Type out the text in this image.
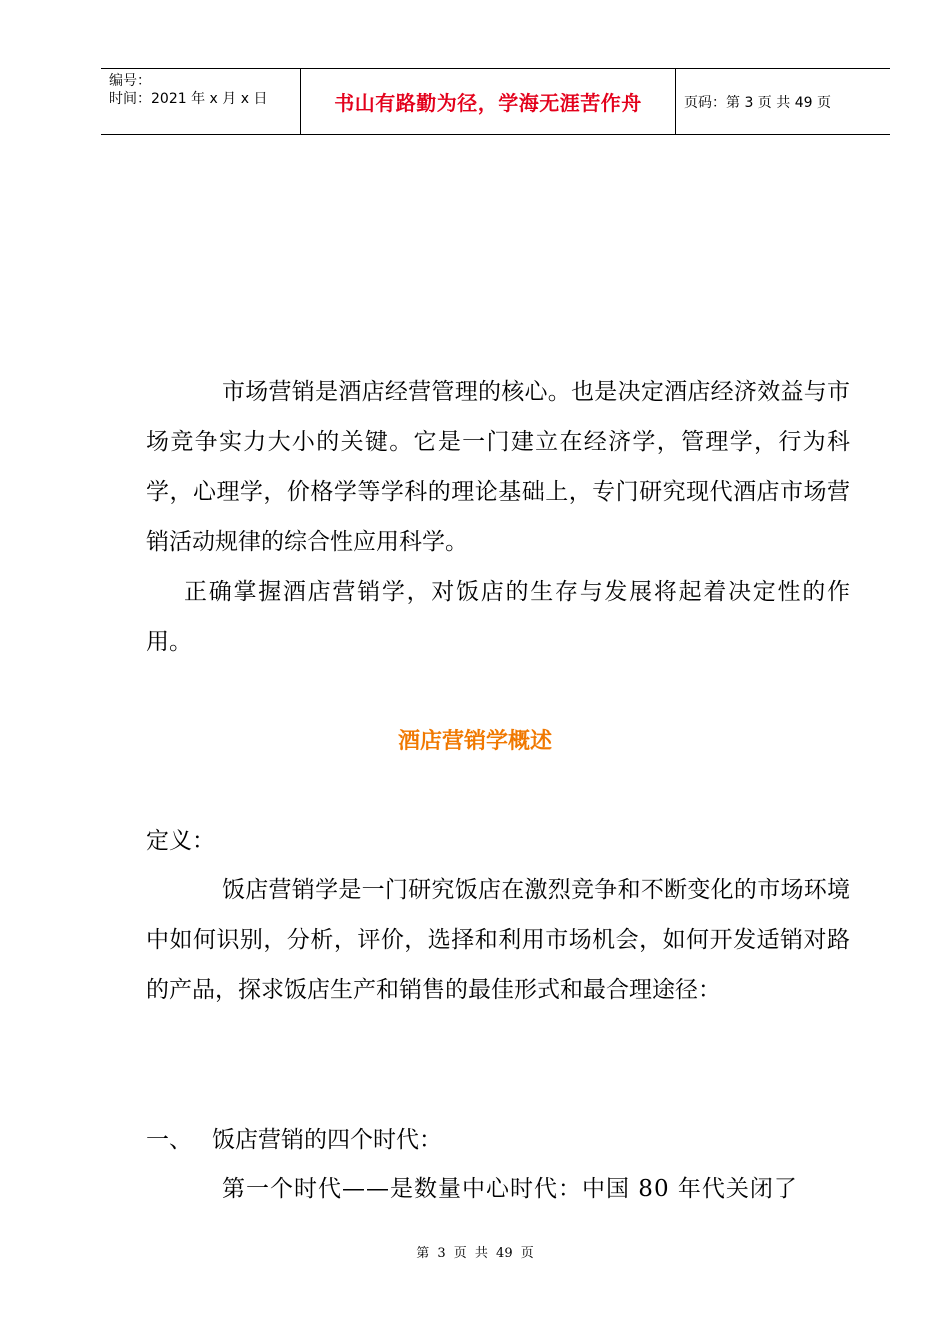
编号：
时间：2021 年 x 月 x 日	书山有路勤为径，学海无涯苦作舟	页码：第 3 页 共 49 页

市场营销是酒店经营管理的核心。也是决定酒店经济效益与市场竞争实力大小的关键。它是一门建立在经济学，管理学，行为科学，心理学，价格学等学科的理论基础上，专门研究现代酒店市场营销活动规律的综合性应用科学。

正确掌握酒店营销学，对饭店的生存与发展将起着决定性的作用。

酒店营销学概述
定义：

饭店营销学是一门研究饭店在激烈竞争和不断变化的市场环境中如何识别，分析，评价，选择和利用市场机会，如何开发适销对路的产品，探求饭店生产和销售的最佳形式和最合理途径：

一、 饭店营销的四个时代：

第一个时代——是数量中心时代：中国 80 年代关闭了

第 3 页 共 49 页
